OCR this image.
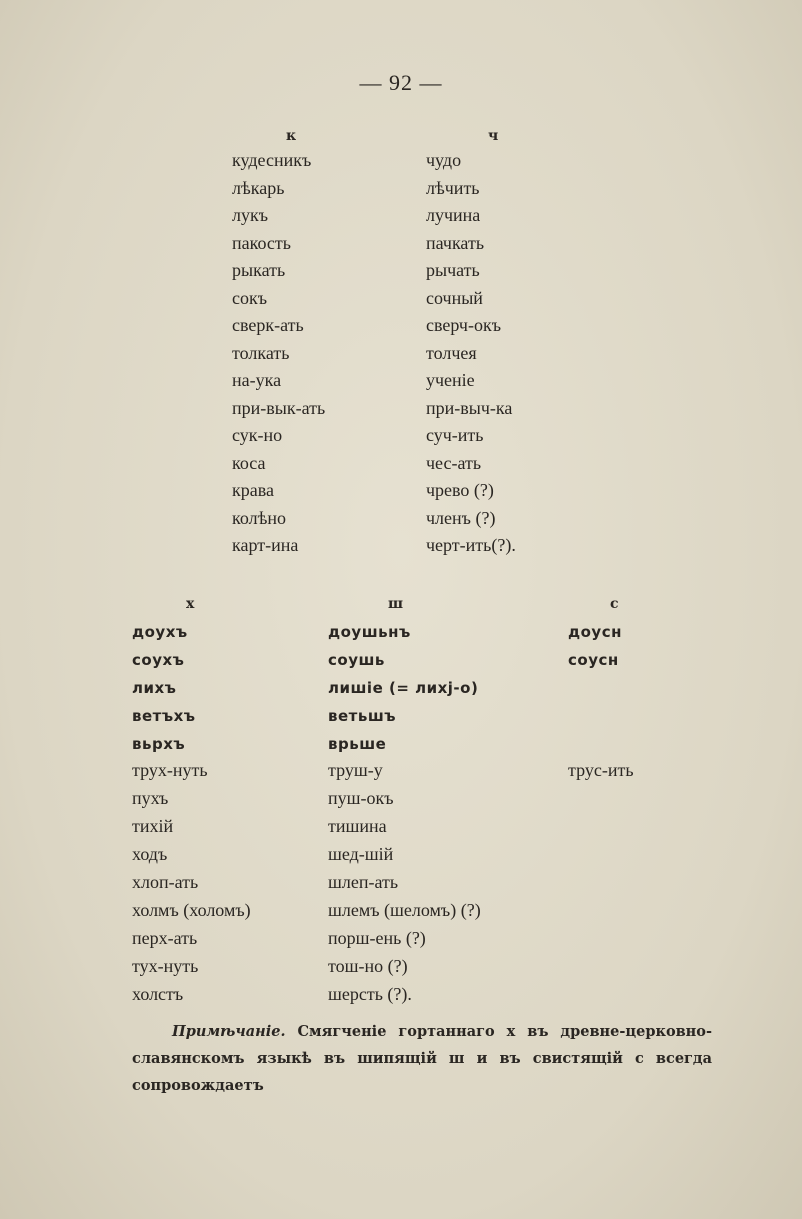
— 92 —
к	ч
кудесникъ	чудо
лѣкарь	лѣчить
лукъ	лучина
пакость	пачкать
рыкать	рычать
сокъ	сочный
сверк-ать	сверч-окъ
толкать	толчея
на-ука	ученіе
при-вык-ать	при-выч-ка
сук-но	суч-ить
коса	чес-ать
крава	чрево (?)
колѣно	членъ (?)
карт-ина	черт-ить(?).
х	ш	с
доухъ	доушьнъ	доусн
соухъ	соушь	соусн
лихъ	лишіе (= лихj-о)
ветъхъ	ветьшъ
вьрхъ	врьше
трух-нуть	труш-у	трус-ить
пухъ	пуш-окъ
тихій	тишина
ходъ	шед-шій
хлоп-ать	шлеп-ать
холмъ (холомъ)	шлемъ (шеломъ) (?)
перх-ать	порш-ень (?)
тух-нуть	тош-но (?)
холстъ	шерсть (?).
Примѣчаніе. Смягченіе гортаннаго х въ древне-церковно-славянскомъ языкѣ въ шипящій ш и въ свистящій с всегда сопровождаетъ
